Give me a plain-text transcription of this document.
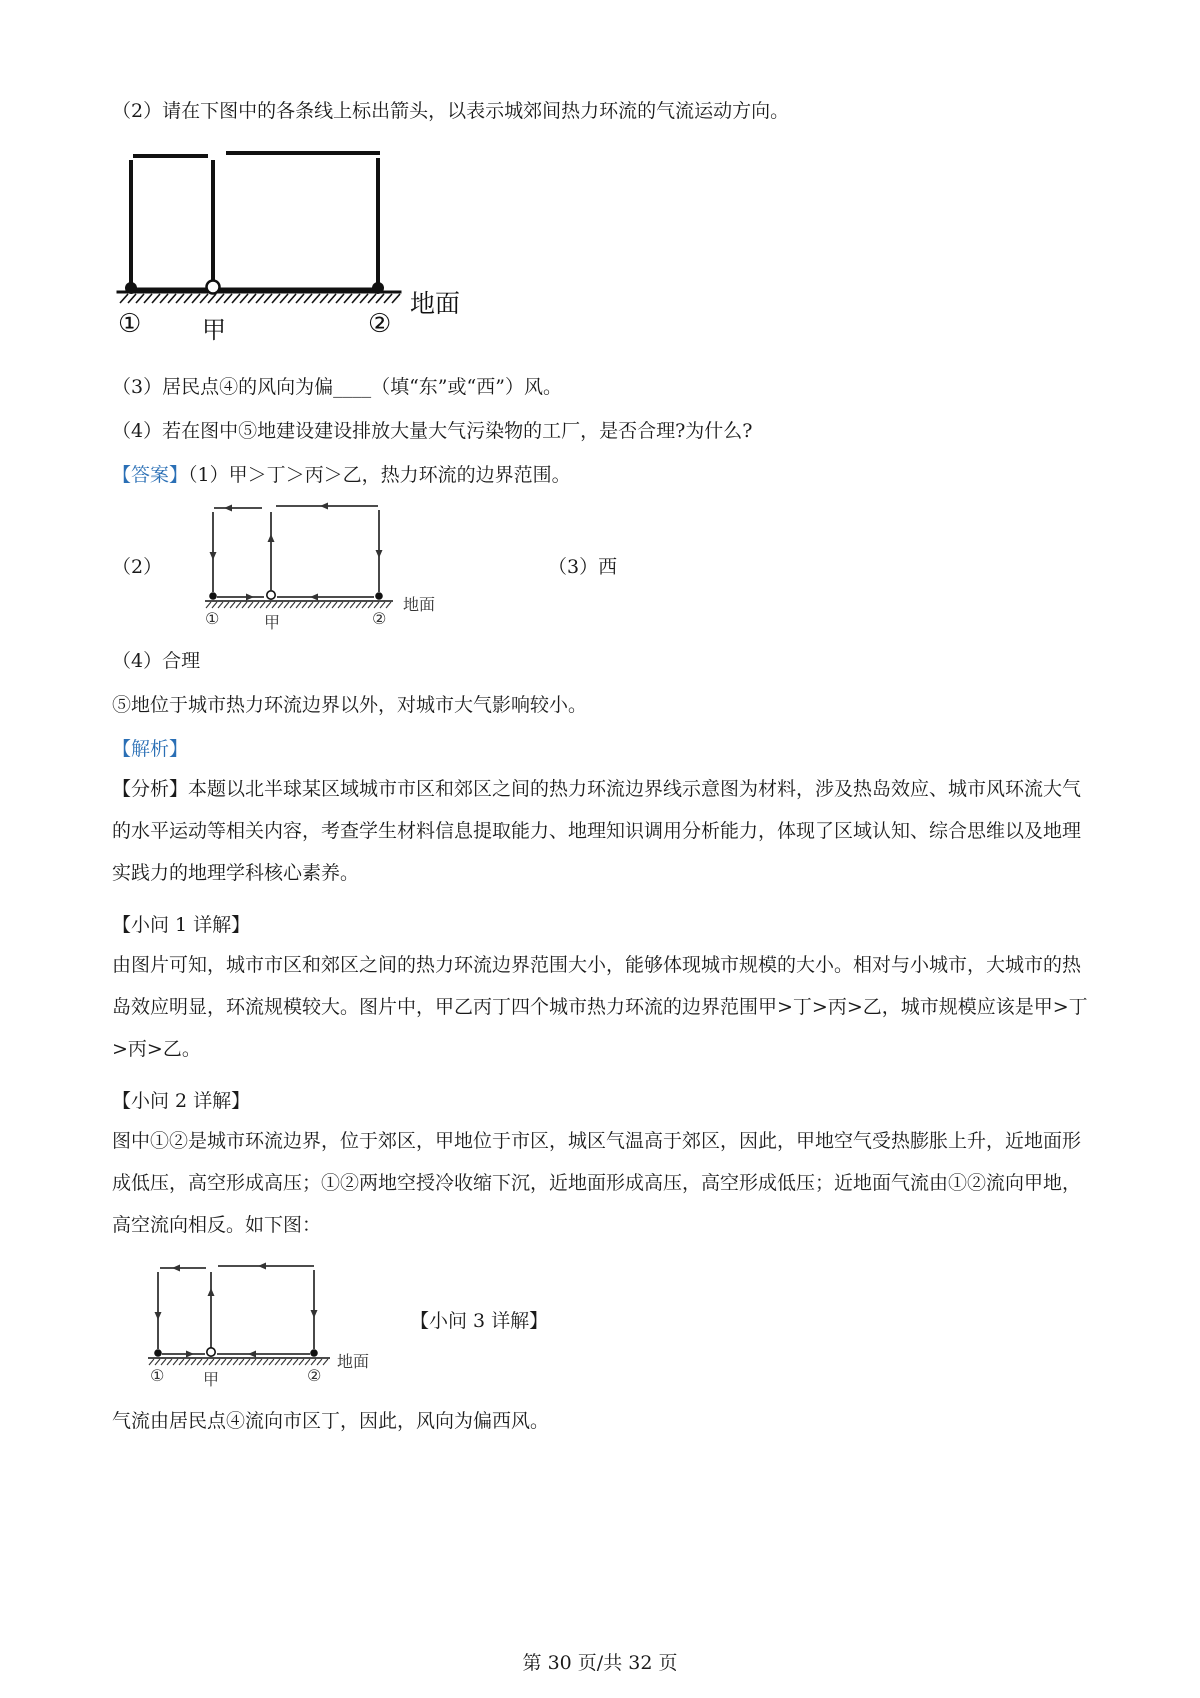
（2）请在下图中的各条线上标出箭头，以表示城郊间热力环流的气流运动方向。
①	甲	②
地面
（3）居民点④的风向为偏____（填“东”或“西”）风。
（4）若在图中⑤地建设建设排放大量大气污染物的工厂，是否合理?为什么?
【答案】（1）甲＞丁＞丙＞乙，热力环流的边界范围。
（2）
①	甲	②
地面
（3）西
（4）合理
⑤地位于城市热力环流边界以外，对城市大气影响较小。
【解析】
【分析】本题以北半球某区域城市市区和郊区之间的热力环流边界线示意图为材料，涉及热岛效应、城市风环流大气的水平运动等相关内容，考查学生材料信息提取能力、地理知识调用分析能力，体现了区域认知、综合思维以及地理实践力的地理学科核心素养。
【小问 1 详解】
由图片可知，城市市区和郊区之间的热力环流边界范围大小，能够体现城市规模的大小。相对与小城市，大城市的热岛效应明显，环流规模较大。图片中，甲乙丙丁四个城市热力环流的边界范围甲>丁>丙>乙，城市规模应该是甲>丁>丙>乙。
【小问 2 详解】
图中①②是城市环流边界，位于郊区，甲地位于市区，城区气温高于郊区，因此，甲地空气受热膨胀上升，近地面形成低压，高空形成高压；①②两地空授冷收缩下沉，近地面形成高压，高空形成低压；近地面气流由①②流向甲地，高空流向相反。如下图：
① 甲	②
地面
【小问 3 详解】
气流由居民点④流向市区丁，因此，风向为偏西风。
第 30 页/共 32 页
